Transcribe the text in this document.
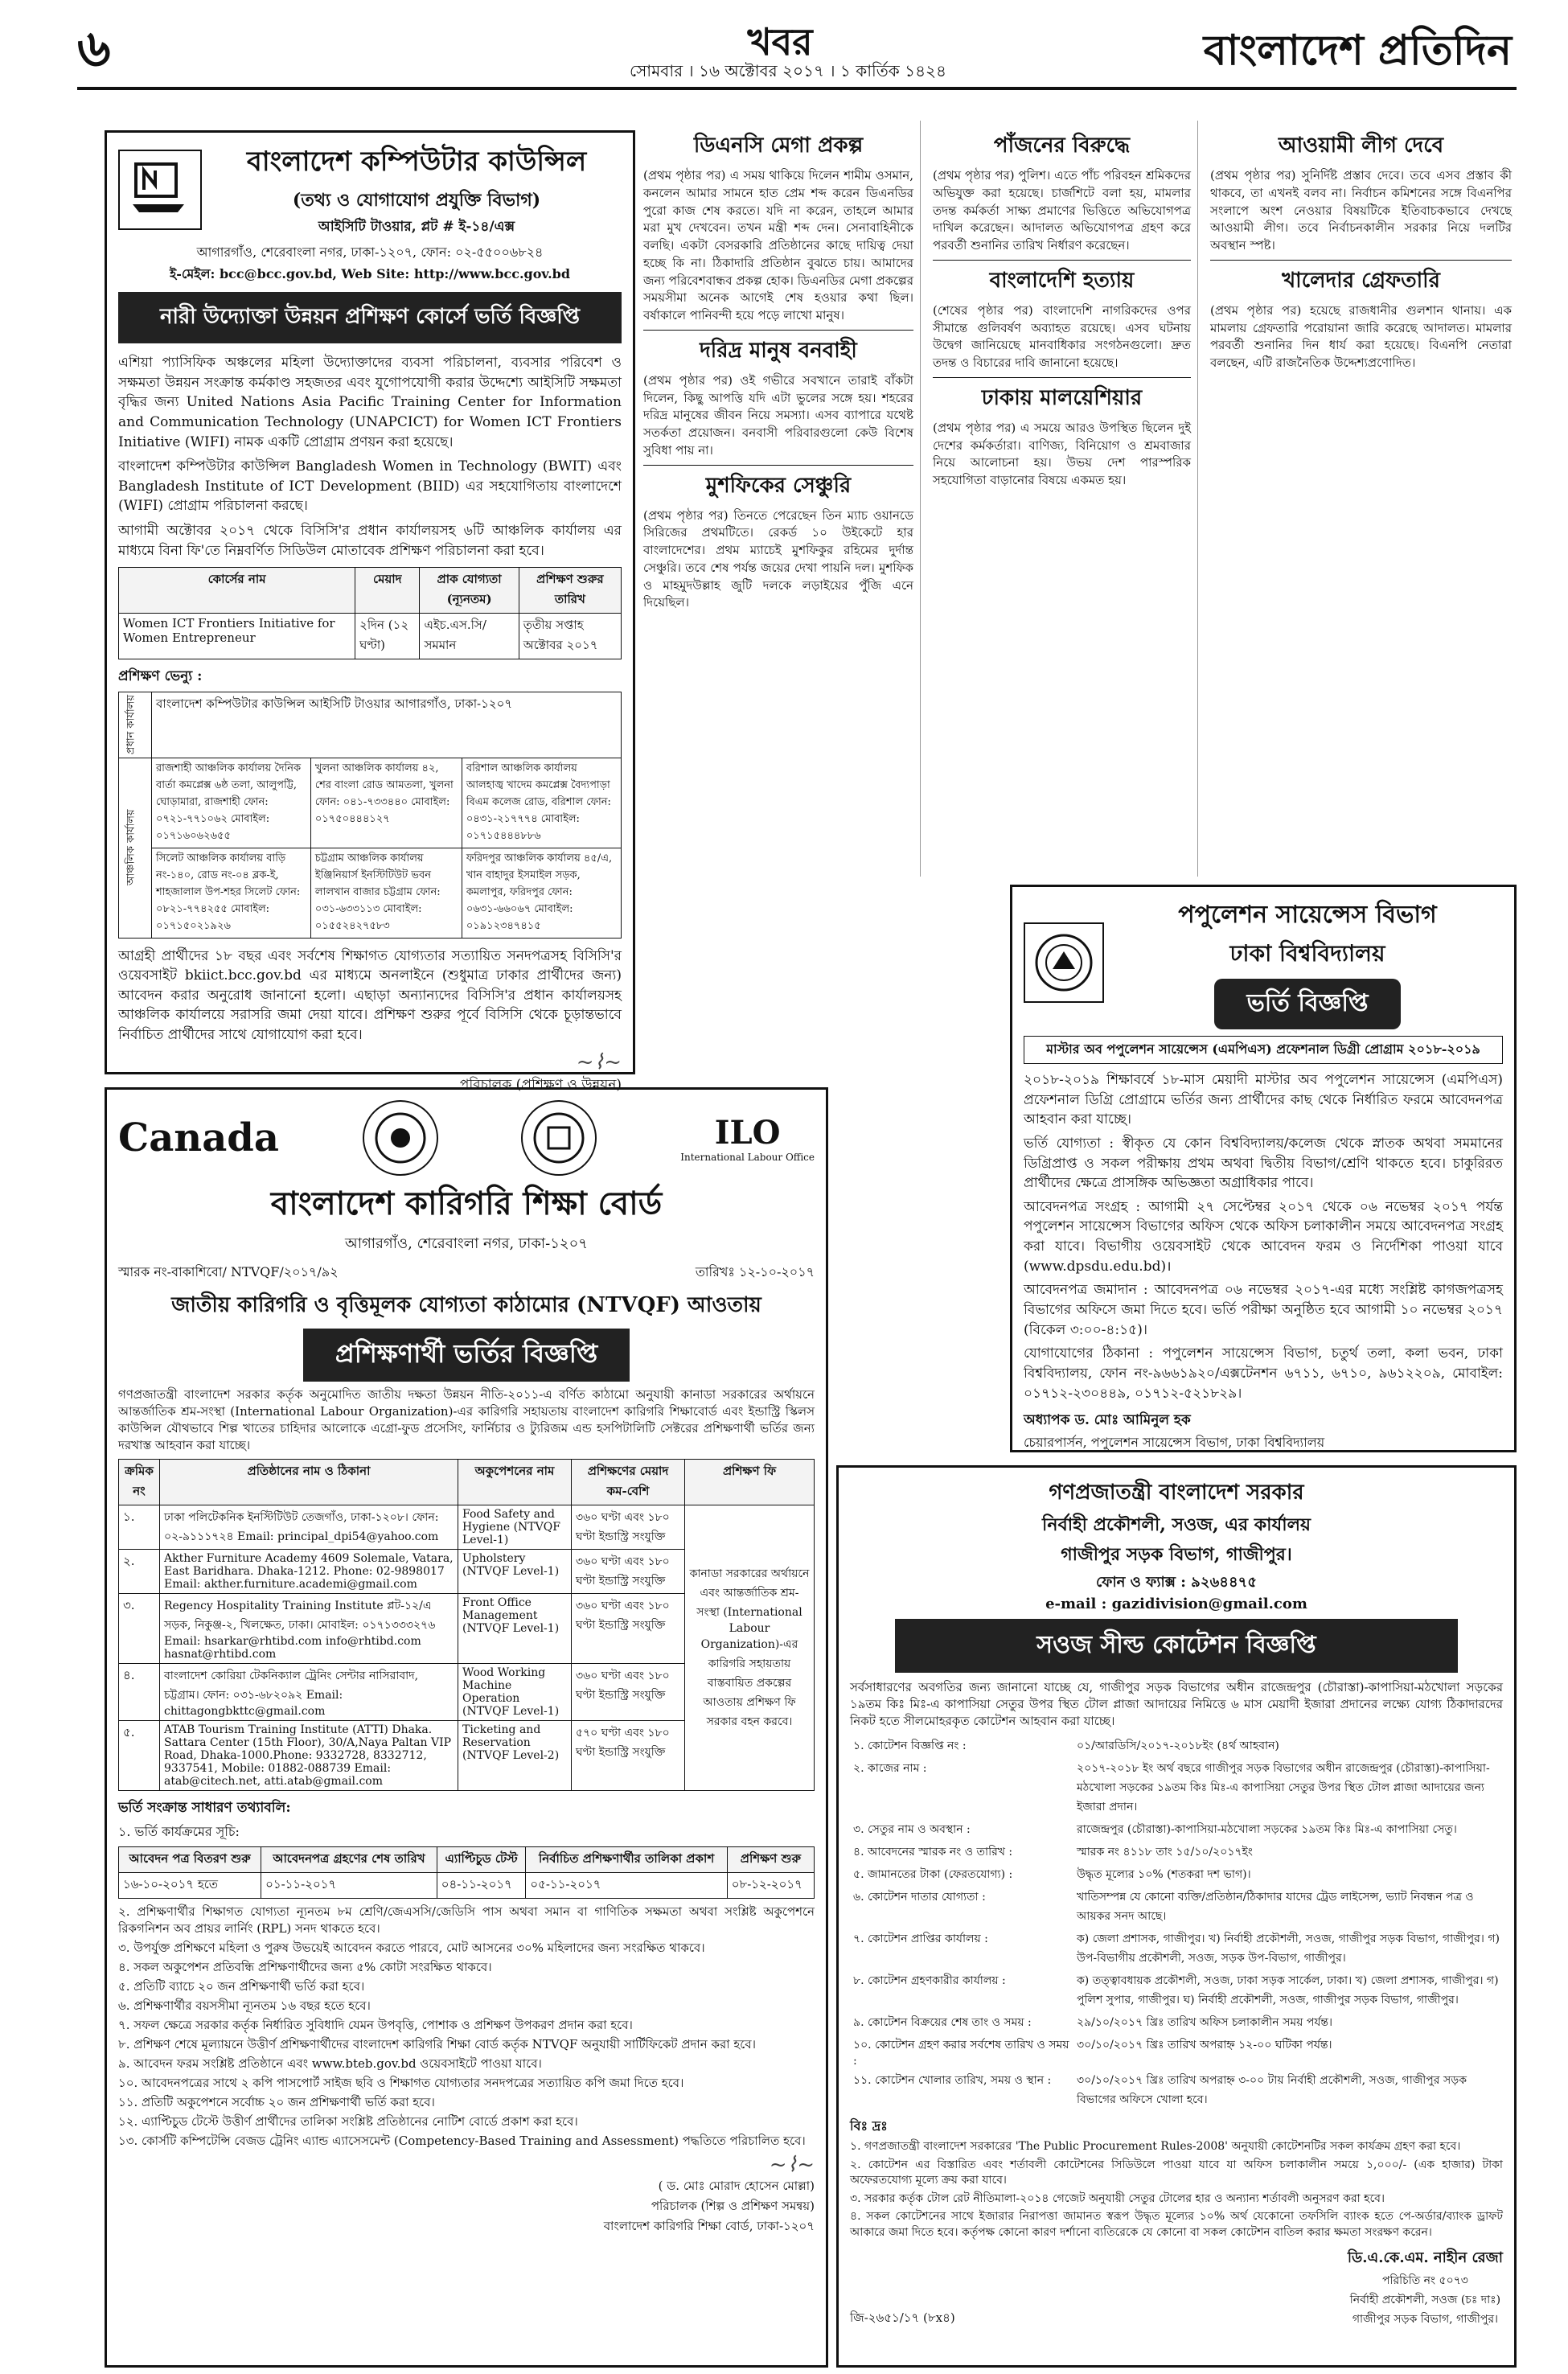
৬	খবর
সোমবার । ১৬ অক্টোবর ২০১৭ । ১ কার্তিক ১৪২৪	বাংলাদেশ প্রতিদিন
বাংলাদেশ কম্পিউটার কাউন্সিল
(তথ্য ও যোগাযোগ প্রযুক্তি বিভাগ)
আইসিটি টাওয়ার, প্লট # ই-১৪/এক্স
আগারগাঁও, শেরেবাংলা নগর, ঢাকা-১২০৭, ফোন: ০২-৫৫০০৬৮২৪
ই-মেইল: bcc@bcc.gov.bd, Web Site: http://www.bcc.gov.bd
নারী উদ্যোক্তা উন্নয়ন প্রশিক্ষণ কোর্সে ভর্তি বিজ্ঞপ্তি

এশিয়া প্যাসিফিক অঞ্চলের মহিলা উদ্যোক্তাদের ব্যবসা পরিচালনা, ব্যবসার পরিবেশ ও সক্ষমতা উন্নয়ন সংক্রান্ত কর্মকাণ্ড সহজতর এবং যুগোপযোগী করার উদ্দেশ্যে আইসিটি সক্ষমতা বৃদ্ধির জন্য United Nations Asia Pacific Training Center for Information and Communication Technology (UNAPCICT) for Women ICT Frontiers Initiative (WIFI) নামক একটি প্রোগ্রাম প্রণয়ন করা হয়েছে।

বাংলাদেশ কম্পিউটার কাউন্সিল Bangladesh Women in Technology (BWIT) এবং Bangladesh Institute of ICT Development (BIID) এর সহযোগিতায় বাংলাদেশে (WIFI) প্রোগ্রাম পরিচালনা করছে।

আগামী অক্টোবর ২০১৭ থেকে বিসিসি'র প্রধান কার্যালয়সহ ৬টি আঞ্চলিক কার্যালয় এর মাধ্যমে বিনা ফি'তে নিম্নবর্ণিত সিডিউল মোতাবেক প্রশিক্ষণ পরিচালনা করা হবে।

কোর্সের নাম	মেয়াদ	প্রাক যোগ্যতা (ন্যূনতম)	প্রশিক্ষণ শুরুর তারিখ
Women ICT Frontiers Initiative for Women Entrepreneur	২দিন (১২ ঘণ্টা)	এইচ.এস.সি/ সমমান	তৃতীয় সপ্তাহ অক্টোবর ২০১৭
প্রশিক্ষণ ভেন্যু :
প্রধান কার্যালয়	বাংলাদেশ কম্পিউটার কাউন্সিল আইসিটি টাওয়ার আগারগাঁও, ঢাকা-১২০৭		
আঞ্চলিক কার্যালয়	রাজশাহী আঞ্চলিক কার্যালয় দৈনিক বার্তা কমপ্লেক্স ৬ষ্ঠ তলা, আলুপট্টি, ঘোড়ামারা, রাজশাহী ফোন: ০৭২১-৭৭১০৬২ মোবাইল: ০১৭১৬০৬২৬৫৫	খুলনা আঞ্চলিক কার্যালয় ৪২, শের বাংলা রোড আমতলা, খুলনা ফোন: ০৪১-৭৩৩৪৪০ মোবাইল: ০১৭৫০৪৪৪১২৭	বরিশাল আঞ্চলিক কার্যালয় আলহাজ্ব খাদেম কমপ্লেক্স বৈদ্যপাড়া বিএম কলেজ রোড, বরিশাল ফোন: ০৪৩১-২১৭৭৭৪ মোবাইল: ০১৭১৫৪৪৪৮৮৬
	সিলেট আঞ্চলিক কার্যালয় বাড়ি নং-১৪০, রোড নং-০৪ ব্লক-ই, শাহজালাল উপ-শহর সিলেট ফোন: ০৮২১-৭৭৪২৫৫ মোবাইল: ০১৭১৫০২১৯২৬	চট্টগ্রাম আঞ্চলিক কার্যালয় ইঞ্জিনিয়ার্স ইনস্টিটিউট ভবন লালখান বাজার চট্টগ্রাম ফোন: ০৩১-৬৩৩১১৩ মোবাইল: ০১৫৫২৪২৭৫৮৩	ফরিদপুর আঞ্চলিক কার্যালয় ৪৫/এ, খান বাহাদুর ইসমাইল সড়ক, কমলাপুর, ফরিদপুর ফোন: ০৬৩১-৬৬০৬৭ মোবাইল: ০১৯১২৩৪৭৪১৫

আগ্রহী প্রার্থীদের ১৮ বছর এবং সর্বশেষ শিক্ষাগত যোগ্যতার সত্যায়িত সনদপত্রসহ বিসিসি'র ওয়েবসাইট bkiict.bcc.gov.bd এর মাধ্যমে অনলাইনে (শুধুমাত্র ঢাকার প্রার্থীদের জন্য) আবেদন করার অনুরোধ জানানো হলো। এছাড়া অন্যান্যদের বিসিসি'র প্রধান কার্যালয়সহ আঞ্চলিক কার্যালয়ে সরাসরি জমা দেয়া যাবে। প্রশিক্ষণ শুরুর পূর্বে বিসিসি থেকে চূড়ান্তভাবে নির্বাচিত প্রার্থীদের সাথে যোগাযোগ করা হবে।

~⌇~
পরিচালক (প্রশিক্ষণ ও উন্নয়ন)
ডিএনসি মেগা প্রকল্প

(প্রথম পৃষ্ঠার পর) এ সময় থাকিয়ে দিলেন শামীম ওসমান, কনলেন আমার সামনে হাত প্রেম শব্দ করেন ডিএনডির পুরো কাজ শেষ করতে। যদি না করেন, তাহলে আমার মরা মুখ দেখবেন। তখন মন্ত্রী শব্দ দেন। সেনাবাহিনীকে বলছি। একটা বেসরকারি প্রতিষ্ঠানের কাছে দায়িত্ব দেয়া হচ্ছে কি না। ঠিকাদারি প্রতিষ্ঠান বুঝতে চায়। আমাদের জন্য পরিবেশবান্ধব প্রকল্প হোক। ডিএনডির মেগা প্রকল্পের সময়সীমা অনেক আগেই শেষ হওয়ার কথা ছিল। বর্ষাকালে পানিবন্দী হয়ে পড়ে লাখো মানুষ।

দরিদ্র মানুষ বনবাহী

(প্রথম পৃষ্ঠার পর) ওই গভীরে সবখানে তারাই বাঁকটা দিলেন, কিছু আপত্তি যদি এটা ভুলের সঙ্গে হয়। শহরের দরিদ্র মানুষের জীবন নিয়ে সমস্যা। এসব ব্যাপারে যথেষ্ট সতর্কতা প্রয়োজন। বনবাসী পরিবারগুলো কেউ বিশেষ সুবিধা পায় না।

মুশফিকের সেঞ্চুরি

(প্রথম পৃষ্ঠার পর) তিনতে পেরেছেন তিন ম্যাচ ওয়ানডে সিরিজের প্রথমটিতে। রেকর্ড ১০ উইকেটে হার বাংলাদেশের। প্রথম ম্যাচেই মুশফিকুর রহিমের দুর্দান্ত সেঞ্চুরি। তবে শেষ পর্যন্ত জয়ের দেখা পায়নি দল। মুশফিক ও মাহমুদউল্লাহ জুটি দলকে লড়াইয়ের পুঁজি এনে দিয়েছিল।

পাঁজনের বিরুদ্ধে

(প্রথম পৃষ্ঠার পর) পুলিশ। এতে পাঁচ পরিবহন শ্রমিকদের অভিযুক্ত করা হয়েছে। চার্জশিটে বলা হয়, মামলার তদন্ত কর্মকর্তা সাক্ষ্য প্রমাণের ভিত্তিতে অভিযোগপত্র দাখিল করেছেন। আদালত অভিযোগপত্র গ্রহণ করে পরবর্তী শুনানির তারিখ নির্ধারণ করেছেন।

বাংলাদেশি হত্যায়

(শেষের পৃষ্ঠার পর) বাংলাদেশি নাগরিকদের ওপর সীমান্তে গুলিবর্ষণ অব্যাহত রয়েছে। এসব ঘটনায় উদ্বেগ জানিয়েছে মানবাধিকার সংগঠনগুলো। দ্রুত তদন্ত ও বিচারের দাবি জানানো হয়েছে।

ঢাকায় মালয়েশিয়ার

(প্রথম পৃষ্ঠার পর) এ সময়ে আরও উপস্থিত ছিলেন দুই দেশের কর্মকর্তারা। বাণিজ্য, বিনিয়োগ ও শ্রমবাজার নিয়ে আলোচনা হয়। উভয় দেশ পারস্পরিক সহযোগিতা বাড়ানোর বিষয়ে একমত হয়।

আওয়ামী লীগ দেবে

(প্রথম পৃষ্ঠার পর) সুনির্দিষ্ট প্রস্তাব দেবে। তবে এসব প্রস্তাব কী থাকবে, তা এখনই বলব না। নির্বাচন কমিশনের সঙ্গে বিএনপির সংলাপে অংশ নেওয়ার বিষয়টিকে ইতিবাচকভাবে দেখছে আওয়ামী লীগ। তবে নির্বাচনকালীন সরকার নিয়ে দলটির অবস্থান স্পষ্ট।

খালেদার গ্রেফতারি

(প্রথম পৃষ্ঠার পর) হয়েছে রাজধানীর গুলশান থানায়। এক মামলায় গ্রেফতারি পরোয়ানা জারি করেছে আদালত। মামলার পরবর্তী শুনানির দিন ধার্য করা হয়েছে। বিএনপি নেতারা বলছেন, এটি রাজনৈতিক উদ্দেশ্যপ্রণোদিত।

পপুলেশন সায়েন্সেস বিভাগ
ঢাকা বিশ্ববিদ্যালয়
ভর্তি বিজ্ঞপ্তি
মাস্টার অব পপুলেশন সায়েন্সেস (এমপিএস) প্রফেশনাল ডিগ্রী প্রোগ্রাম ২০১৮-২০১৯

২০১৮-২০১৯ শিক্ষাবর্ষে ১৮-মাস মেয়াদী মাস্টার অব পপুলেশন সায়েন্সেস (এমপিএস) প্রফেশনাল ডিগ্রি প্রোগ্রামে ভর্তির জন্য প্রার্থীদের কাছ থেকে নির্ধারিত ফরমে আবেদনপত্র আহবান করা যাচ্ছে।

ভর্তি যোগ্যতা : স্বীকৃত যে কোন বিশ্ববিদ্যালয়/কলেজ থেকে স্নাতক অথবা সমমানের ডিগ্রিপ্রাপ্ত ও সকল পরীক্ষায় প্রথম অথবা দ্বিতীয় বিভাগ/শ্রেণি থাকতে হবে। চাকুরিরত প্রার্থীদের ক্ষেত্রে প্রাসঙ্গিক অভিজ্ঞতা অগ্রাধিকার পাবে।

আবেদনপত্র সংগ্রহ : আগামী ২৭ সেপ্টেম্বর ২০১৭ থেকে ০৬ নভেম্বর ২০১৭ পর্যন্ত পপুলেশন সায়েন্সেস বিভাগের অফিস থেকে অফিস চলাকালীন সময়ে আবেদনপত্র সংগ্রহ করা যাবে। বিভাগীয় ওয়েবসাইট থেকে আবেদন ফরম ও নির্দেশিকা পাওয়া যাবে (www.dpsdu.edu.bd)।

আবেদনপত্র জমাদান : আবেদনপত্র ০৬ নভেম্বর ২০১৭-এর মধ্যে সংশ্লিষ্ট কাগজপত্রসহ বিভাগের অফিসে জমা দিতে হবে। ভর্তি পরীক্ষা অনুষ্ঠিত হবে আগামী ১০ নভেম্বর ২০১৭ (বিকেল ৩:০০-৪:১৫)।

যোগাযোগের ঠিকানা : পপুলেশন সায়েন্সেস বিভাগ, চতুর্থ তলা, কলা ভবন, ঢাকা বিশ্ববিদ্যালয়, ফোন নং-৯৬৬১৯২০/এক্সটেনশন ৬৭১১, ৬৭১০, ৯৬১২২০৯, মোবাইল: ০১৭১২-২৩০৪৪৯, ০১৭১২-৫২১৮২৯।

অধ্যাপক ড. মোঃ আমিনুল হক
চেয়ারপার্সন, পপুলেশন সায়েন্সেস বিভাগ, ঢাকা বিশ্ববিদ্যালয়
Canada	ILO
International Labour Office
বাংলাদেশ কারিগরি শিক্ষা বোর্ড
আগারগাঁও, শেরেবাংলা নগর, ঢাকা-১২০৭
স্মারক নং-বাকাশিবো/ NTVQF/২০১৭/৯২	তারিখঃ ১২-১০-২০১৭
জাতীয় কারিগরি ও বৃত্তিমূলক যোগ্যতা কাঠামোর (NTVQF) আওতায়
প্রশিক্ষণার্থী ভর্তির বিজ্ঞপ্তি

গণপ্রজাতন্ত্রী বাংলাদেশ সরকার কর্তৃক অনুমোদিত জাতীয় দক্ষতা উন্নয়ন নীতি-২০১১-এ বর্ণিত কাঠামো অনুযায়ী কানাডা সরকারের অর্থায়নে আন্তর্জাতিক শ্রম-সংস্থা (International Labour Organization)-এর কারিগরি সহায়তায় বাংলাদেশ কারিগরি শিক্ষাবোর্ড এবং ইন্ডাস্ট্রি স্কিলস কাউন্সিল যৌথভাবে শিল্প খাতের চাহিদার আলোকে এগ্রো-ফুড প্রসেসিং, ফার্নিচার ও ট্যুরিজম এন্ড হসপিটালিটি সেক্টরের প্রশিক্ষণার্থী ভর্তির জন্য দরখাস্ত আহবান করা যাচ্ছে।

ক্রমিক নং	প্রতিষ্ঠানের নাম ও ঠিকানা	অকুপেশনের নাম	প্রশিক্ষণের মেয়াদ কম-বেশি	প্রশিক্ষণ ফি
১.	ঢাকা পলিটেকনিক ইনস্টিটিউট তেজগাঁও, ঢাকা-১২০৮। ফোন: ০২-৯১১১৭২৪ Email: principal_dpi54@yahoo.com	Food Safety and Hygiene (NTVQF Level-1)	৩৬০ ঘণ্টা এবং ১৮০ ঘণ্টা ইন্ডাস্ট্রি সংযুক্তি	কানাডা সরকারের অর্থায়নে এবং আন্তর্জাতিক শ্রম-সংস্থা (International Labour Organization)-এর কারিগরি সহায়তায় বাস্তবায়িত প্রকল্পের আওতায় প্রশিক্ষণ ফি সরকার বহন করবে।
২.	Akther Furniture Academy 4609 Solemale, Vatara, East Baridhara. Dhaka-1212. Phone: 02-9898017 Email: akther.furniture.academi@gmail.com	Upholstery (NTVQF Level-1)	৩৬০ ঘণ্টা এবং ১৮০ ঘণ্টা ইন্ডাস্ট্রি সংযুক্তি	
৩.	Regency Hospitality Training Institute প্লট-১২/এ সড়ক, নিকুঞ্জ-২, খিলক্ষেত, ঢাকা। মোবাইল: ০১৭১৩৩৩২৭৬ Email: hsarkar@rhtibd.com info@rhtibd.com hasnat@rhtibd.com	Front Office Management (NTVQF Level-1)	৩৬০ ঘণ্টা এবং ১৮০ ঘণ্টা ইন্ডাস্ট্রি সংযুক্তি	
৪.	বাংলাদেশ কোরিয়া টেকনিক্যাল ট্রেনিং সেন্টার নাসিরাবাদ, চট্টগ্রাম। ফোন: ০৩১-৬৮২০৯২ Email: chittagongbkttc@gmail.com	Wood Working Machine Operation (NTVQF Level-1)	৩৬০ ঘণ্টা এবং ১৮০ ঘণ্টা ইন্ডাস্ট্রি সংযুক্তি	
৫.	ATAB Tourism Training Institute (ATTI) Dhaka. Sattara Center (15th Floor), 30/A,Naya Paltan VIP Road, Dhaka-1000.Phone: 9332728, 8332712, 9337541, Mobile: 01882-088739 Email: atab@citech.net, atti.atab@gmail.com	Ticketing and Reservation (NTVQF Level-2)	৫৭০ ঘণ্টা এবং ১৮০ ঘণ্টা ইন্ডাস্ট্রি সংযুক্তি	
ভর্তি সংক্রান্ত সাধারণ তথ্যাবলি:
১. ভর্তি কার্যক্রমের সূচি:
আবেদন পত্র বিতরণ শুরু	আবেদনপত্র গ্রহণের শেষ তারিখ	এ্যাপ্টিচুড টেস্ট	নির্বাচিত প্রশিক্ষণার্থীর তালিকা প্রকাশ	প্রশিক্ষণ শুরু
১৬-১০-২০১৭ হতে	০১-১১-২০১৭	০৪-১১-২০১৭	০৫-১১-২০১৭	০৮-১২-২০১৭

২. প্রশিক্ষণার্থীর শিক্ষাগত যোগ্যতা ন্যূনতম ৮ম শ্রেণি/জেএসসি/জেডিসি পাস অথবা সমান বা গাণিতিক সক্ষমতা অথবা সংশ্লিষ্ট অকুপেশনে রিকগনিশন অব প্রায়র লার্নিং (RPL) সনদ থাকতে হবে।

৩. উপর্যুক্ত প্রশিক্ষণে মহিলা ও পুরুষ উভয়েই আবেদন করতে পারবে, মোট আসনের ৩০% মহিলাদের জন্য সংরক্ষিত থাকবে।

৪. সকল অকুপেশন প্রতিবন্ধি প্রশিক্ষণার্থীদের জন্য ৫% কোটা সংরক্ষিত থাকবে।

৫. প্রতিটি ব্যাচে ২০ জন প্রশিক্ষণার্থী ভর্তি করা হবে।

৬. প্রশিক্ষণার্থীর বয়সসীমা ন্যূনতম ১৬ বছর হতে হবে।

৭. সফল ক্ষেত্রে সরকার কর্তৃক নির্ধারিত সুবিধাদি যেমন উপবৃত্তি, পোশাক ও প্রশিক্ষণ উপকরণ প্রদান করা হবে।

৮. প্রশিক্ষণ শেষে মূল্যায়নে উত্তীর্ণ প্রশিক্ষণার্থীদের বাংলাদেশ কারিগরি শিক্ষা বোর্ড কর্তৃক NTVQF অনুযায়ী সার্টিফিকেট প্রদান করা হবে।

৯. আবেদন ফরম সংশ্লিষ্ট প্রতিষ্ঠানে এবং www.bteb.gov.bd ওয়েবসাইটে পাওয়া যাবে।

১০. আবেদনপত্রের সাথে ২ কপি পাসপোর্ট সাইজ ছবি ও শিক্ষাগত যোগ্যতার সনদপত্রের সত্যায়িত কপি জমা দিতে হবে।

১১. প্রতিটি অকুপেশনে সর্বোচ্চ ২০ জন প্রশিক্ষণার্থী ভর্তি করা হবে।

১২. এ্যাপ্টিচুড টেস্টে উত্তীর্ণ প্রার্থীদের তালিকা সংশ্লিষ্ট প্রতিষ্ঠানের নোটিশ বোর্ডে প্রকাশ করা হবে।

১৩. কোর্সটি কম্পিটেন্সি বেজড ট্রেনিং এ্যান্ড এ্যাসেসমেন্ট (Competency-Based Training and Assessment) পদ্ধতিতে পরিচালিত হবে।

~⌇~
( ড. মোঃ মোরাদ হোসেন মোল্লা)
পরিচালক (শিল্প ও প্রশিক্ষণ সমন্বয়)
বাংলাদেশ কারিগরি শিক্ষা বোর্ড, ঢাকা-১২০৭
গণপ্রজাতন্ত্রী বাংলাদেশ সরকার
নির্বাহী প্রকৌশলী, সওজ, এর কার্যালয়
গাজীপুর সড়ক বিভাগ, গাজীপুর।
ফোন ও ফ্যাক্স : ৯২৬৪৪৭৫
e-mail : gazidivision@gmail.com
সওজ সীল্ড কোটেশন বিজ্ঞপ্তি

সর্বসাধারণের অবগতির জন্য জানানো যাচ্ছে যে, গাজীপুর সড়ক বিভাগের অধীন রাজেন্দ্রপুর (চৌরাস্তা)-কাপাসিয়া-মঠখোলা সড়কের ১৯তম কিঃ মিঃ-এ কাপাসিয়া সেতুর উপর স্থিত টোল প্লাজা আদায়ের নিমিত্তে ৬ মাস মেয়াদী ইজারা প্রদানের লক্ষ্যে যোগ্য ঠিকাদারদের নিকট হতে সীলমোহরকৃত কোটেশন আহবান করা যাচ্ছে।

১. কোটেশন বিজ্ঞপ্তি নং :	০১/আরডিসি/২০১৭-২০১৮ইং (৪র্থ আহবান)
২. কাজের নাম :	২০১৭-২০১৮ ইং অর্থ বছরে গাজীপুর সড়ক বিভাগের অধীন রাজেন্দ্রপুর (চৌরাস্তা)-কাপাসিয়া-মঠখোলা সড়কের ১৯তম কিঃ মিঃ-এ কাপাসিয়া সেতুর উপর স্থিত টোল প্লাজা আদায়ের জন্য ইজারা প্রদান।
৩. সেতুর নাম ও অবস্থান :	রাজেন্দ্রপুর (চৌরাস্তা)-কাপাসিয়া-মঠখোলা সড়কের ১৯তম কিঃ মিঃ-এ কাপাসিয়া সেতু।
৪. আবেদনের স্মারক নং ও তারিখ :	স্মারক নং ৪১১৮ তাং ১৫/১০/২০১৭ইং
৫. জামানতের টাকা (ফেরতযোগ্য) :	উদ্ধৃত মূল্যের ১০% (শতকরা দশ ভাগ)।
৬. কোটেশন দাতার যোগ্যতা :	খাতিসম্পন্ন যে কোনো ব্যক্তি/প্রতিষ্ঠান/ঠিকাদার যাদের ট্রেড লাইসেন্স, ভ্যাট নিবন্ধন পত্র ও আয়কর সনদ আছে।
৭. কোটেশন প্রাপ্তির কার্যালয় :	ক) জেলা প্রশাসক, গাজীপুর। খ) নির্বাহী প্রকৌশলী, সওজ, গাজীপুর সড়ক বিভাগ, গাজীপুর। গ) উপ-বিভাগীয় প্রকৌশলী, সওজ, সড়ক উপ-বিভাগ, গাজীপুর।
৮. কোটেশন গ্রহণকারীর কার্যালয় :	ক) তত্ত্বাবধায়ক প্রকৌশলী, সওজ, ঢাকা সড়ক সার্কেল, ঢাকা। খ) জেলা প্রশাসক, গাজীপুর। গ) পুলিশ সুপার, গাজীপুর। ঘ) নির্বাহী প্রকৌশলী, সওজ, গাজীপুর সড়ক বিভাগ, গাজীপুর।
৯. কোটেশন বিক্রয়ের শেষ তাং ও সময় :	২৯/১০/২০১৭ খ্রিঃ তারিখ অফিস চলাকালীন সময় পর্যন্ত।
১০. কোটেশন গ্রহণ করার সর্বশেষ তারিখ ও সময় :	৩০/১০/২০১৭ খ্রিঃ তারিখ অপরাহ্ন ১২-০০ ঘটিকা পর্যন্ত।
১১. কোটেশন খোলার তারিখ, সময় ও স্থান :	৩০/১০/২০১৭ খ্রিঃ তারিখ অপরাহ্ন ৩-০০ টায় নির্বাহী প্রকৌশলী, সওজ, গাজীপুর সড়ক বিভাগের অফিসে খোলা হবে।
বিঃ দ্রঃ

১. গণপ্রজাতন্ত্রী বাংলাদেশ সরকারের 'The Public Procurement Rules-2008' অনুযায়ী কোটেশনটির সকল কার্যক্রম গ্রহণ করা হবে।

২. কোটেশন এর বিস্তারিত এবং শর্তাবলী কোটেশনের সিডিউলে পাওয়া যাবে যা অফিস চলাকালীন সময়ে ১,০০০/- (এক হাজার) টাকা অফেরতযোগ্য মূল্যে ক্রয় করা যাবে।

৩. সরকার কর্তৃক টোল রেট নীতিমালা-২০১৪ গেজেট অনুযায়ী সেতুর টোলের হার ও অন্যান্য শর্তাবলী অনুসরণ করা হবে।

৪. সকল কোটেশনের সাথে ইজারার নিরাপত্তা জামানত স্বরূপ উদ্ধৃত মূল্যের ১০% অর্থ যেকোনো তফসিলি ব্যাংক হতে পে-অর্ডার/ব্যাংক ড্রাফট আকারে জমা দিতে হবে। কর্তৃপক্ষ কোনো কারণ দর্শানো ব্যতিরেকে যে কোনো বা সকল কোটেশন বাতিল করার ক্ষমতা সংরক্ষণ করেন।

জি-২৬৫১/১৭ (৮x৪)
ডি.এ.কে.এম. নাহীন রেজা
পরিচিতি নং ৫০৭৩
নির্বাহী প্রকৌশলী, সওজ (চঃ দাঃ)
গাজীপুর সড়ক বিভাগ, গাজীপুর।
